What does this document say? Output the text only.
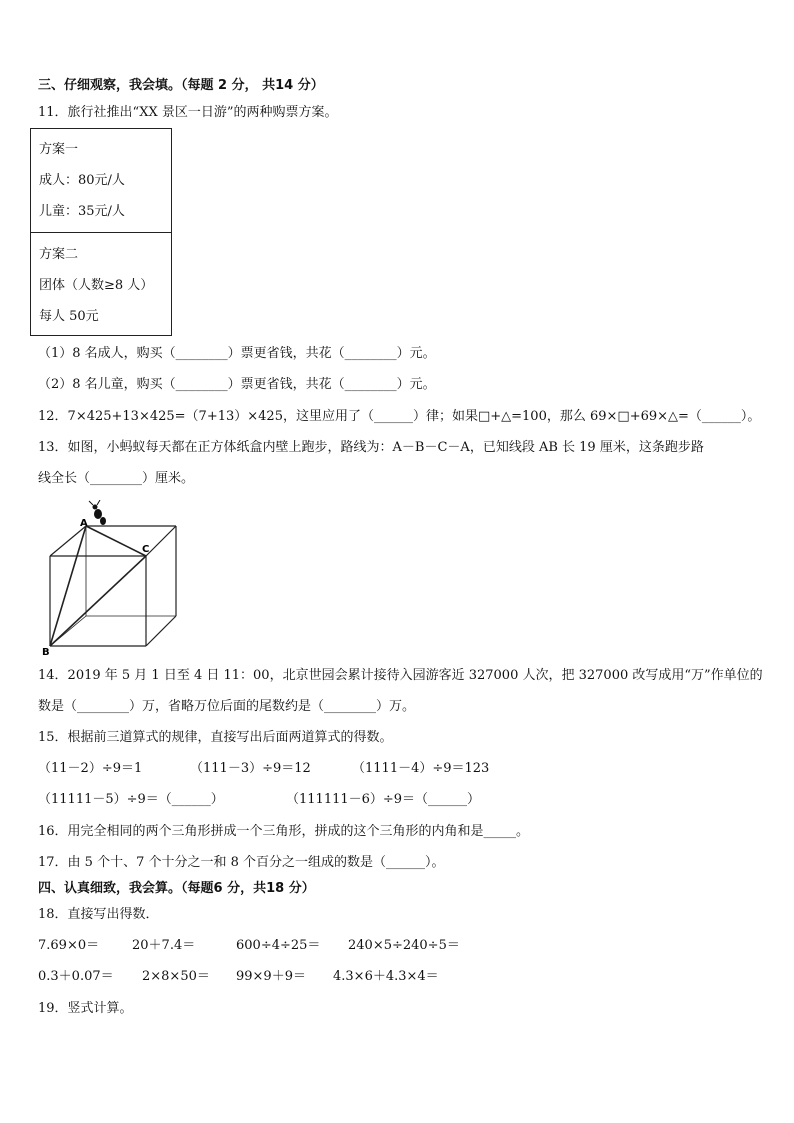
三、仔细观察，我会填。（每题 2 分， 共14 分）
11．旅行社推出“XX 景区一日游”的两种购票方案。
方案一
成人：80元/人
儿童：35元/人
方案二
团体（人数≥8 人）
每人 50元
（1）8 名成人，购买（________）票更省钱，共花（________）元。
（2）8 名儿童，购买（________）票更省钱，共花（________）元。
12．7×425+13×425=（7+13）×425，这里应用了（______）律；如果□+△=100，那么 69×□+69×△=（______）。
13．如图，小蚂蚁每天都在正方体纸盒内壁上跑步，路线为：A－B－C－A，已知线段 AB 长 19 厘米，这条跑步路
线全长（________）厘米。
A
B
C
14．2019 年 5 月 1 日至 4 日 11：00，北京世园会累计接待入园游客近 327000 人次，把 327000 改写成用“万”作单位的
数是（________）万，省略万位后面的尾数约是（________）万。
15．根据前三道算式的规律，直接写出后面两道算式的得数。
（11－2）÷9＝1	（111－3）÷9＝12	（1111－4）÷9＝123
（11111－5）÷9＝（______）	（111111－6）÷9＝（______）
16．用完全相同的两个三角形拼成一个三角形，拼成的这个三角形的内角和是_____。
17．由 5 个十、7 个十分之一和 8 个百分之一组成的数是（______）。
四、认真细致，我会算。（每题6 分，共18 分）
18．直接写出得数．
7.69×0＝	20＋7.4＝	600÷4÷25＝ 240×5÷240÷5＝
0.3＋0.07＝ 2×8×50＝ 99×9＋9＝ 4.3×6＋4.3×4＝
19．竖式计算。
